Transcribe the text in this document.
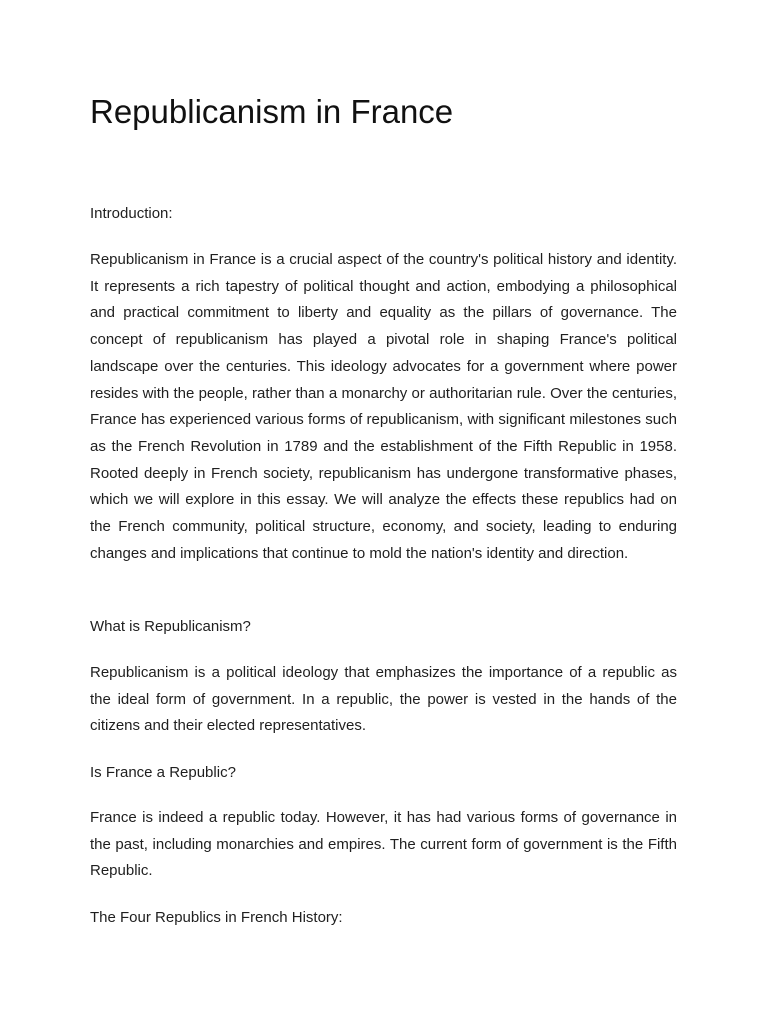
Republicanism in France

Introduction:

Republicanism in France is a crucial aspect of the country's political history and identity. It represents a rich tapestry of political thought and action, embodying a philosophical and practical commitment to liberty and equality as the pillars of governance. The concept of republicanism has played a pivotal role in shaping France's political landscape over the centuries. This ideology advocates for a government where power resides with the people, rather than a monarchy or authoritarian rule. Over the centuries, France has experienced various forms of republicanism, with significant milestones such as the French Revolution in 1789 and the establishment of the Fifth Republic in 1958. Rooted deeply in French society, republicanism has undergone transformative phases, which we will explore in this essay. We will analyze the effects these republics had on the French community, political structure, economy, and society, leading to enduring changes and implications that continue to mold the nation's identity and direction.

What is Republicanism?

Republicanism is a political ideology that emphasizes the importance of a republic as the ideal form of government. In a republic, the power is vested in the hands of the citizens and their elected representatives.

Is France a Republic?

France is indeed a republic today. However, it has had various forms of governance in the past, including monarchies and empires. The current form of government is the Fifth Republic.

The Four Republics in French History:
